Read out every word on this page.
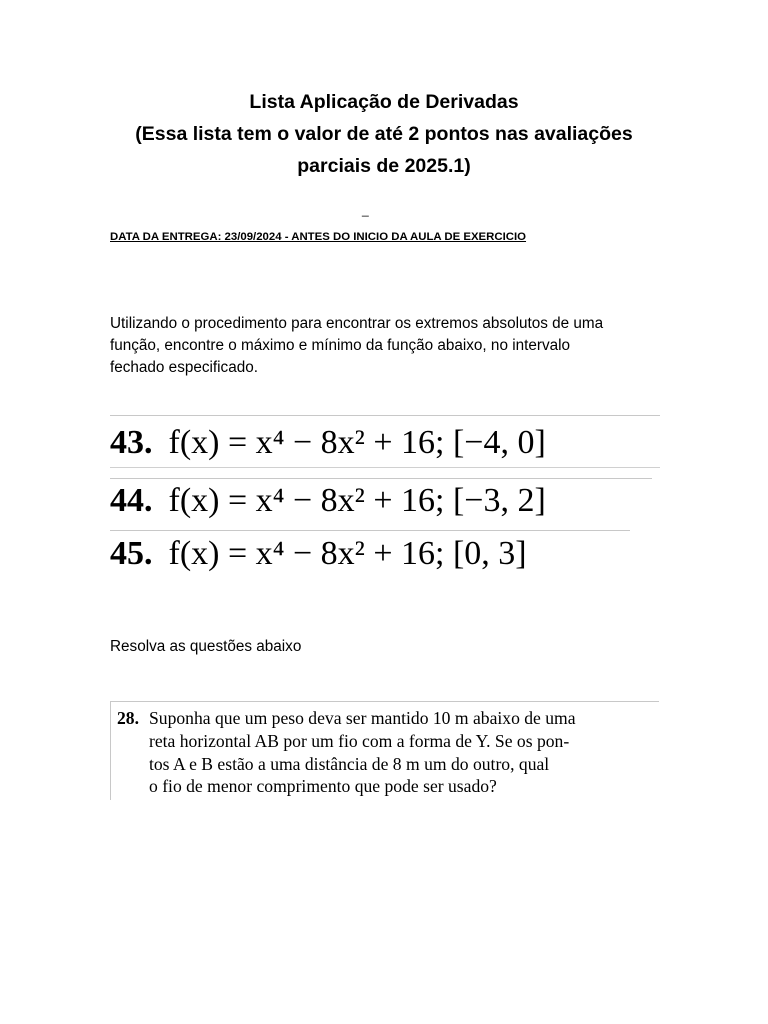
Lista Aplicação de Derivadas
(Essa lista tem o valor de até 2 pontos nas avaliações
parciais de 2025.1)
_
DATA DA ENTREGA: 23/09/2024 - ANTES DO INICIO DA AULA DE EXERCICIO
Utilizando o procedimento para encontrar os extremos absolutos de uma
função, encontre o máximo e mínimo da função abaixo, no intervalo
fechado especificado.
43. f(x) = x⁴ − 8x² + 16; [−4, 0]
44. f(x) = x⁴ − 8x² + 16; [−3, 2]
45. f(x) = x⁴ − 8x² + 16; [0, 3]
Resolva as questões abaixo
28. Suponha que um peso deva ser mantido 10 m abaixo de uma
reta horizontal AB por um fio com a forma de Y. Se os pon-
tos A e B estão a uma distância de 8 m um do outro, qual
o fio de menor comprimento que pode ser usado?
